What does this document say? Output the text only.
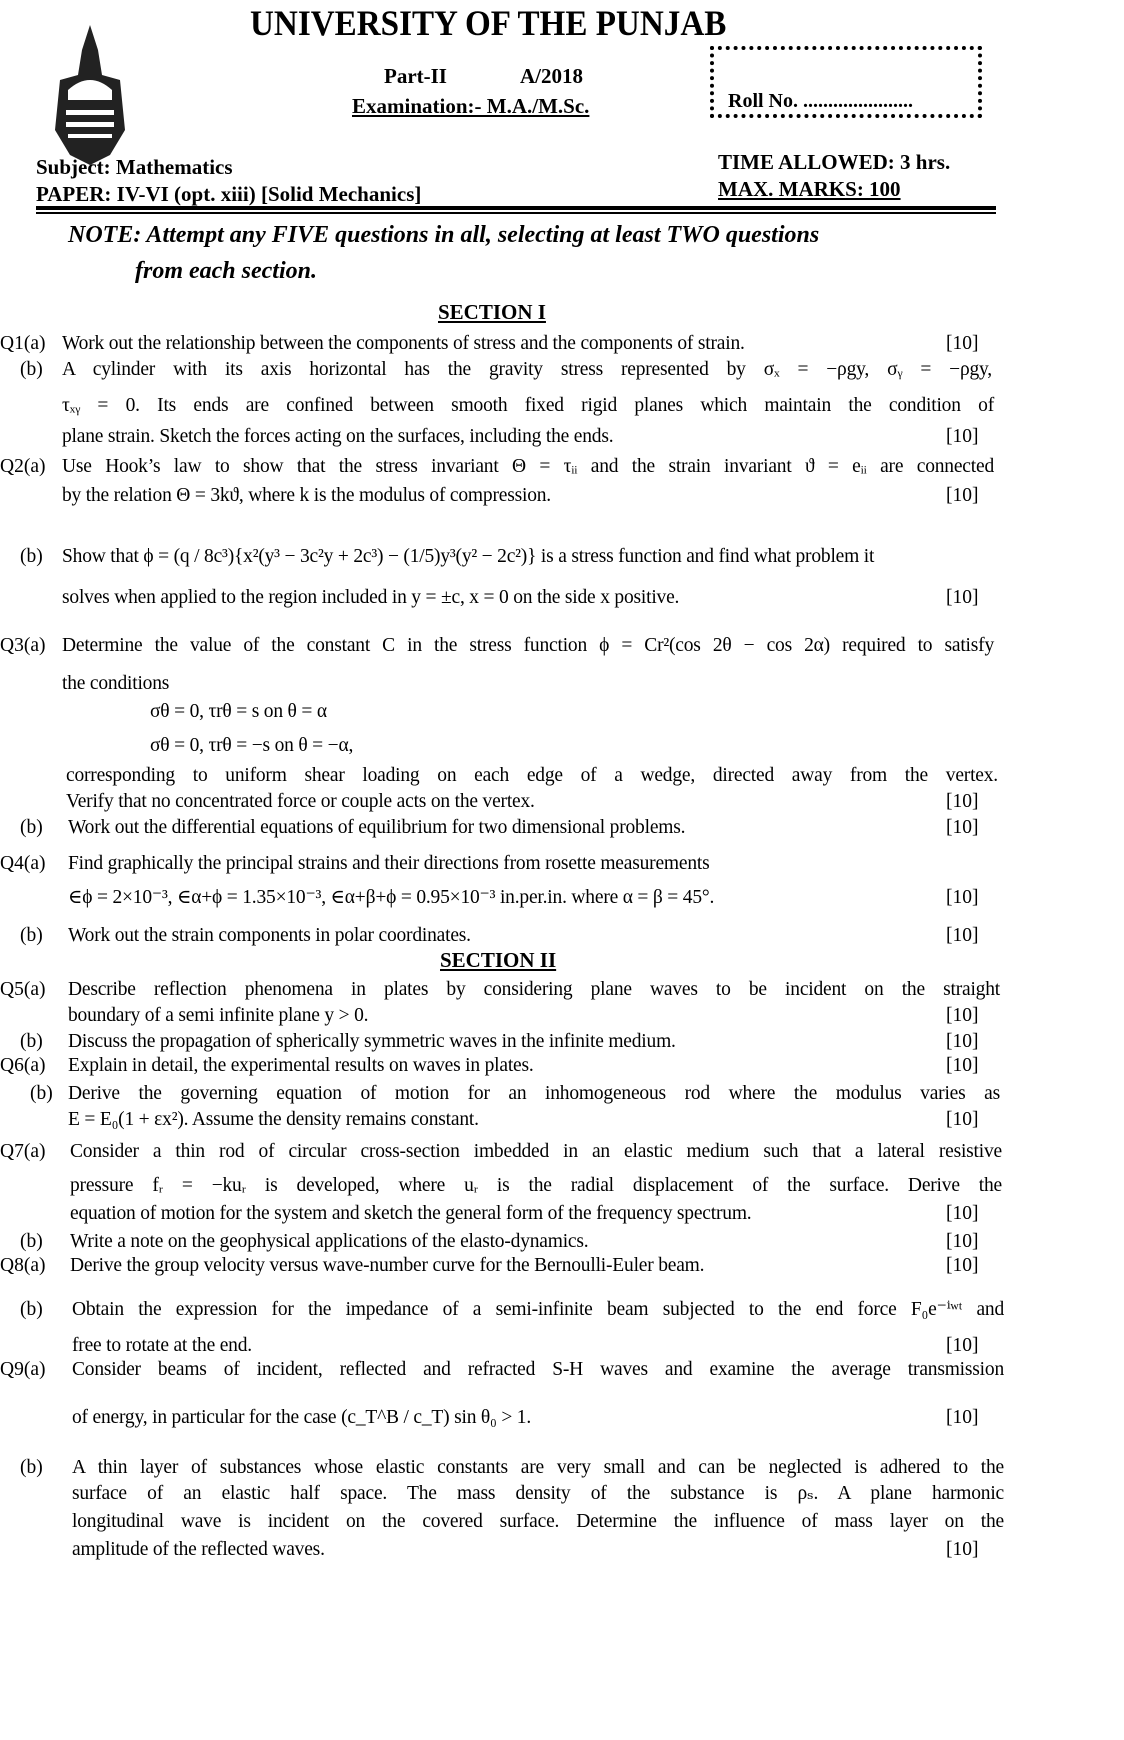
UNIVERSITY OF THE PUNJAB
Part-II	A/2018
Examination:- M.A./M.Sc.	Roll No. ......................
Subject: Mathematics
PAPER: IV-VI (opt. xiii) [Solid Mechanics]
TIME ALLOWED: 3 hrs.
MAX. MARKS: 100
NOTE: Attempt any FIVE questions in all, selecting at least TWO questions
from each section.
SECTION I
SECTION II
Q1(a) Work out the relationship between the components of stress and the components of strain.	[10]
(b) A cylinder with its axis horizontal has the gravity stress represented by σₓ = −ρgy, σᵧ = −ρgy,
τₓᵧ = 0. Its ends are confined between smooth fixed rigid planes which maintain the condition of
plane strain. Sketch the forces acting on the surfaces, including the ends.	[10]
Q2(a) Use Hook’s law to show that the stress invariant Θ = τᵢᵢ and the strain invariant ϑ = eᵢᵢ are connected
by the relation Θ = 3kϑ, where k is the modulus of compression.	[10]
(b) Show that ϕ = (q / 8c³){x²(y³ − 3c²y + 2c³) − (1/5)y³(y² − 2c²)} is a stress function and find what problem it
solves when applied to the region included in y = ±c, x = 0 on the side x positive.	[10]
Q3(a) Determine the value of the constant C in the stress function ϕ = Cr²(cos 2θ − cos 2α) required to satisfy
the conditions
σθ = 0, τrθ = s on θ = α
σθ = 0, τrθ = −s on θ = −α,
corresponding to uniform shear loading on each edge of a wedge, directed away from the vertex.
Verify that no concentrated force or couple acts on the vertex.	[10]
(b) Work out the differential equations of equilibrium for two dimensional problems.	[10]
Q4(a) Find graphically the principal strains and their directions from rosette measurements
∈ϕ = 2×10⁻³, ∈α+ϕ = 1.35×10⁻³, ∈α+β+ϕ = 0.95×10⁻³ in.per.in. where α = β = 45°.	[10]
(b) Work out the strain components in polar coordinates.	[10]
Q5(a) Describe reflection phenomena in plates by considering plane waves to be incident on the straight
boundary of a semi infinite plane y > 0.	[10]
(b) Discuss the propagation of spherically symmetric waves in the infinite medium.	[10]
Q6(a) Explain in detail, the experimental results on waves in plates.	[10]
(b) Derive the governing equation of motion for an inhomogeneous rod where the modulus varies as
E = E₀(1 + εx²). Assume the density remains constant.	[10]
Q7(a) Consider a thin rod of circular cross-section imbedded in an elastic medium such that a lateral resistive
pressure fᵣ = −kuᵣ is developed, where uᵣ is the radial displacement of the surface. Derive the
equation of motion for the system and sketch the general form of the frequency spectrum.	[10]
(b) Write a note on the geophysical applications of the elasto-dynamics.	[10]
Q8(a) Derive the group velocity versus wave-number curve for the Bernoulli-Euler beam.	[10]
(b) Obtain the expression for the impedance of a semi-infinite beam subjected to the end force F₀e⁻ⁱʷᵗ and
free to rotate at the end.	[10]
Q9(a) Consider beams of incident, reflected and refracted S-H waves and examine the average transmission
of energy, in particular for the case (c_T^B / c_T) sin θ₀ > 1.	[10]
(b) A thin layer of substances whose elastic constants are very small and can be neglected is adhered to the
surface of an elastic half space. The mass density of the substance is ρₛ. A plane harmonic
longitudinal wave is incident on the covered surface. Determine the influence of mass layer on the
amplitude of the reflected waves.	[10]
